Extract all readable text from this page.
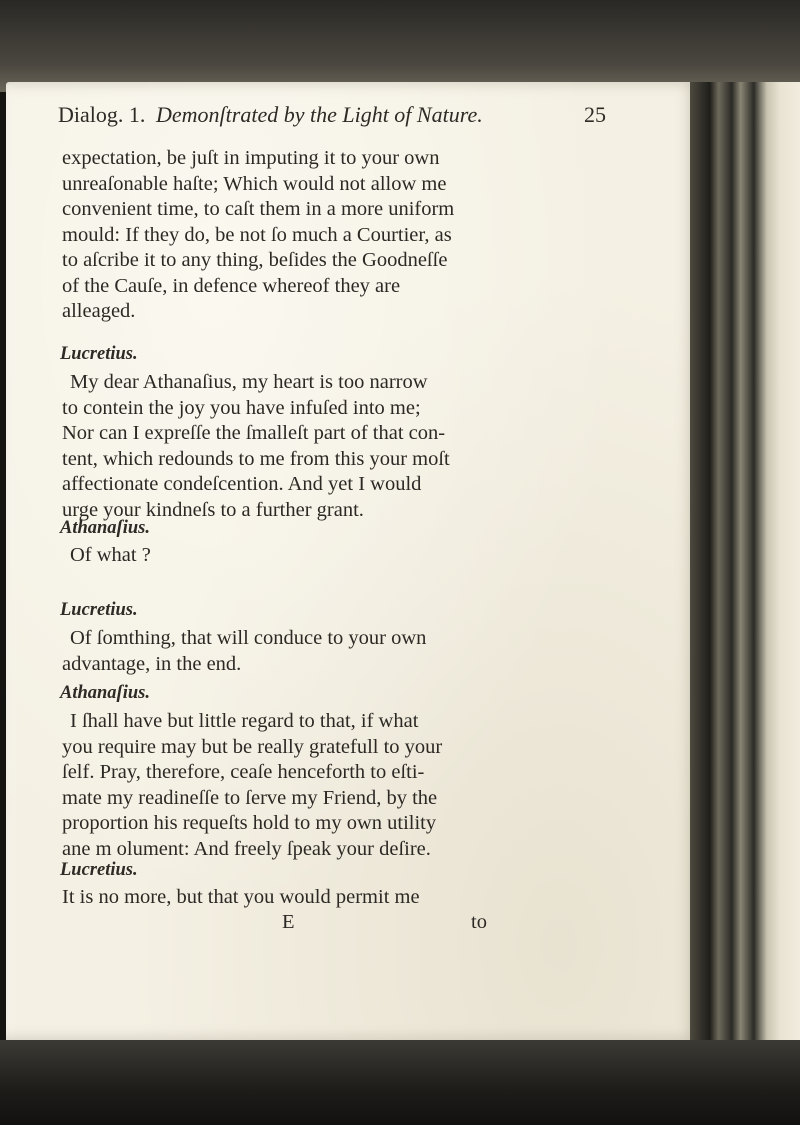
Dialog. 1. Demonſtrated by the Light of Nature.	25
expectation, be juſt in imputing it to your own
unreaſonable haſte; Which would not allow me
convenient time, to caſt them in a more uniform
mould: If they do, be not ſo much a Courtier, as
to aſcribe it to any thing, beſides the Goodneſſe
of the Cauſe, in defence whereof they are
alleaged.
Lucretius.
My dear Athanaſius, my heart is too narrow
to contein the joy you have infuſed into me;
Nor can I expreſſe the ſmalleſt part of that con-
tent, which redounds to me from this your moſt
affectionate condeſcention. And yet I would
urge your kindneſs to a further grant.
Athanaſius.
Of what ?
Lucretius.
Of ſomthing, that will conduce to your own
advantage, in the end.
Athanaſius.
I ſhall have but little regard to that, if what
you require may but be really gratefull to your
ſelf. Pray, therefore, ceaſe henceforth to eſti-
mate my readineſſe to ſerve my Friend, by the
proportion his requeſts hold to my own utility
ane m olument: And freely ſpeak your deſire.
Lucretius.
It is no more, but that you would permit me
E	to
